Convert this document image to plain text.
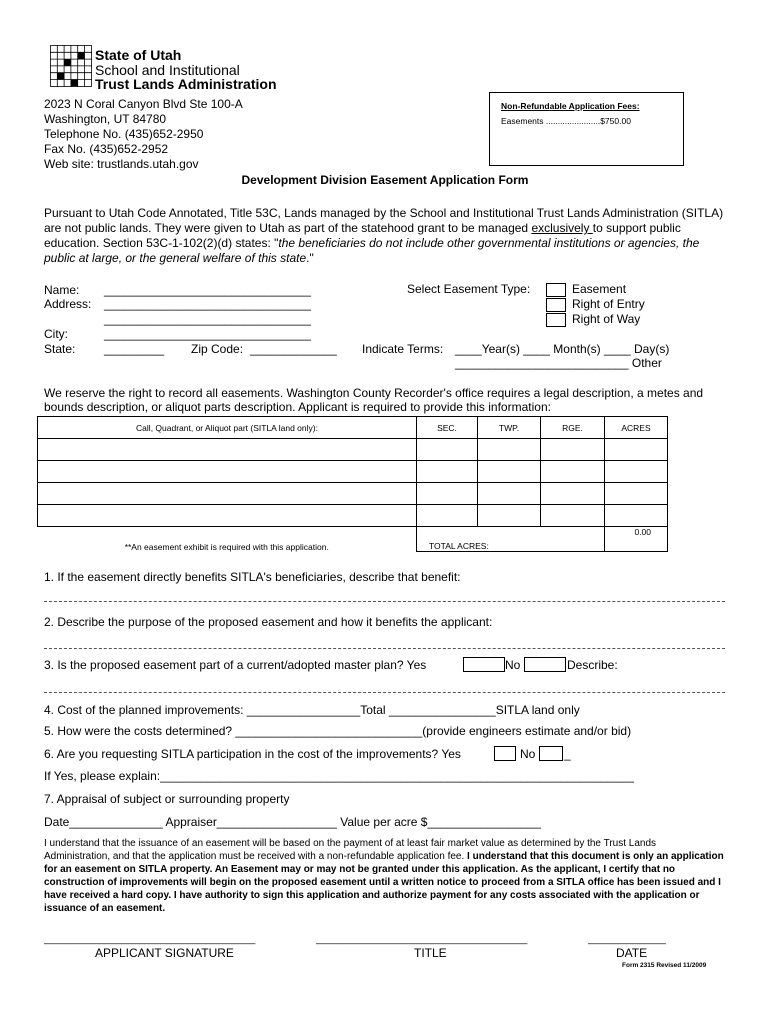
State of Utah
School and Institutional
Trust Lands Administration
2023 N Coral Canyon Blvd Ste 100-A
Washington, UT 84780
Telephone No. (435)652-2950
Fax No. (435)652-2952
Web site: trustlands.utah.gov
Non-Refundable Application Fees:
Easements .......................$750.00
Development Division Easement Application Form
Pursuant to Utah Code Annotated, Title 53C, Lands managed by the School and Institutional Trust Lands Administration (SITLA) are not public lands. They were given to Utah as part of the statehood grant to be managed exclusively to support public education. Section 53C-1-102(2)(d) states: "the beneficiaries do not include other governmental institutions or agencies, the public at large, or the general welfare of this state."
Name: _______________________________
Address: _______________________________
_______________________________
City:	_______________________________
State: _________ Zip Code: _____________
Select Easement Type:	Easement
Right of Entry
Right of Way
Indicate Terms: ____Year(s) ____ Month(s) ____ Day(s)
__________________________ Other
We reserve the right to record all easements. Washington County Recorder's office requires a legal description, a metes and bounds description, or aliquot parts description. Applicant is required to provide this information:
Call, Quadrant, or Aliquot part (SITLA land only):	SEC.	TWP.	RGE.	ACRES

**An easement exhibit is required with this application.	TOTAL ACRES:			0.00
1. If the easement directly benefits SITLA's beneficiaries, describe that benefit:
2. Describe the purpose of the proposed easement and how it benefits the applicant:
3. Is the proposed easement part of a current/adopted master plan? Yes	No	Describe:
4. Cost of the planned improvements: _________________Total ________________SITLA land only
5. How were the costs determined? ____________________________(provide engineers estimate and/or bid)
6. Are you requesting SITLA participation in the cost of the improvements? Yes	No _
If Yes, please explain:_______________________________________________________________________
7. Appraisal of subject or surrounding property
Date______________ Appraiser__________________ Value per acre $_________________
I understand that the issuance of an easement will be based on the payment of at least fair market value as determined by the Trust Lands Administration, and that the application must be received with a non-refundable application fee. I understand that this document is only an application for an easement on SITLA property. An Easement may or may not be granted under this application. As the applicant, I certify that no construction of improvements will begin on the proposed easement until a written notice to proceed from a SITLA office has been issued and I have received a hard copy. I have authority to sign this application and authorize payment for any costs associated with the application or issuance of an easement.
______________________________________	______________________________________	______________
APPLICANT SIGNATURE	TITLE	DATE
Form 2315 Revised 11/2009
